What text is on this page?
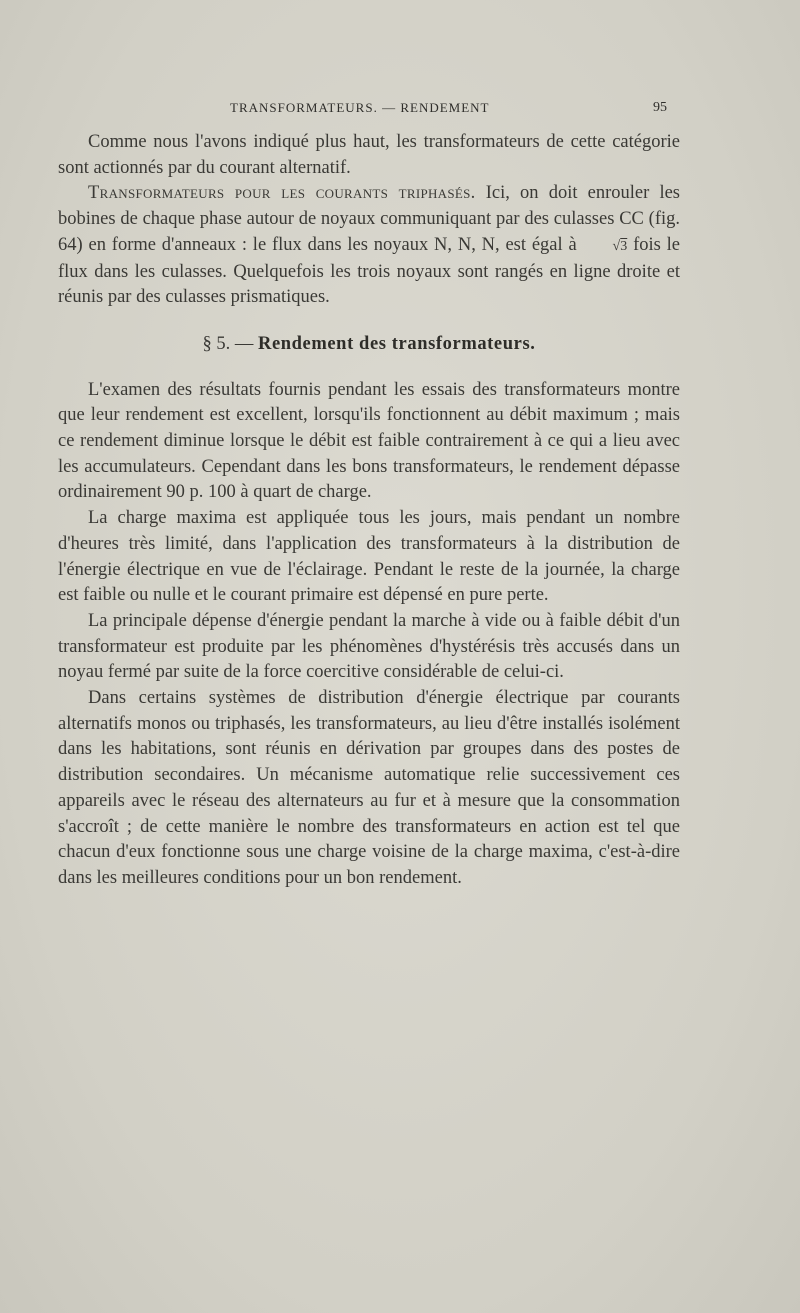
TRANSFORMATEURS. — RENDEMENT	95

Comme nous l'avons indiqué plus haut, les transformateurs de cette catégorie sont actionnés par du courant alternatif.

Transformateurs pour les courants triphasés. Ici, on doit enrouler les bobines de chaque phase autour de noyaux communiquant par des culasses CC (fig. 64) en forme d'anneaux : le flux dans les noyaux N, N, N, est égal à √3 fois le flux dans les culasses. Quelquefois les trois noyaux sont rangés en ligne droite et réunis par des culasses prismatiques.

§ 5. — Rendement des transformateurs.

L'examen des résultats fournis pendant les essais des transformateurs montre que leur rendement est excellent, lorsqu'ils fonctionnent au débit maximum ; mais ce rendement diminue lorsque le débit est faible contrairement à ce qui a lieu avec les accumulateurs. Cependant dans les bons transformateurs, le rendement dépasse ordinairement 90 p. 100 à quart de charge.

La charge maxima est appliquée tous les jours, mais pendant un nombre d'heures très limité, dans l'application des transformateurs à la distribution de l'énergie électrique en vue de l'éclairage. Pendant le reste de la journée, la charge est faible ou nulle et le courant primaire est dépensé en pure perte.

La principale dépense d'énergie pendant la marche à vide ou à faible débit d'un transformateur est produite par les phénomènes d'hystérésis très accusés dans un noyau fermé par suite de la force coercitive considérable de celui-ci.

Dans certains systèmes de distribution d'énergie électrique par courants alternatifs monos ou triphasés, les transformateurs, au lieu d'être installés isolément dans les habitations, sont réunis en dérivation par groupes dans des postes de distribution secondaires. Un mécanisme automatique relie successivement ces appareils avec le réseau des alternateurs au fur et à mesure que la consommation s'accroît ; de cette manière le nombre des transformateurs en action est tel que chacun d'eux fonctionne sous une charge voisine de la charge maxima, c'est-à-dire dans les meilleures conditions pour un bon rendement.
